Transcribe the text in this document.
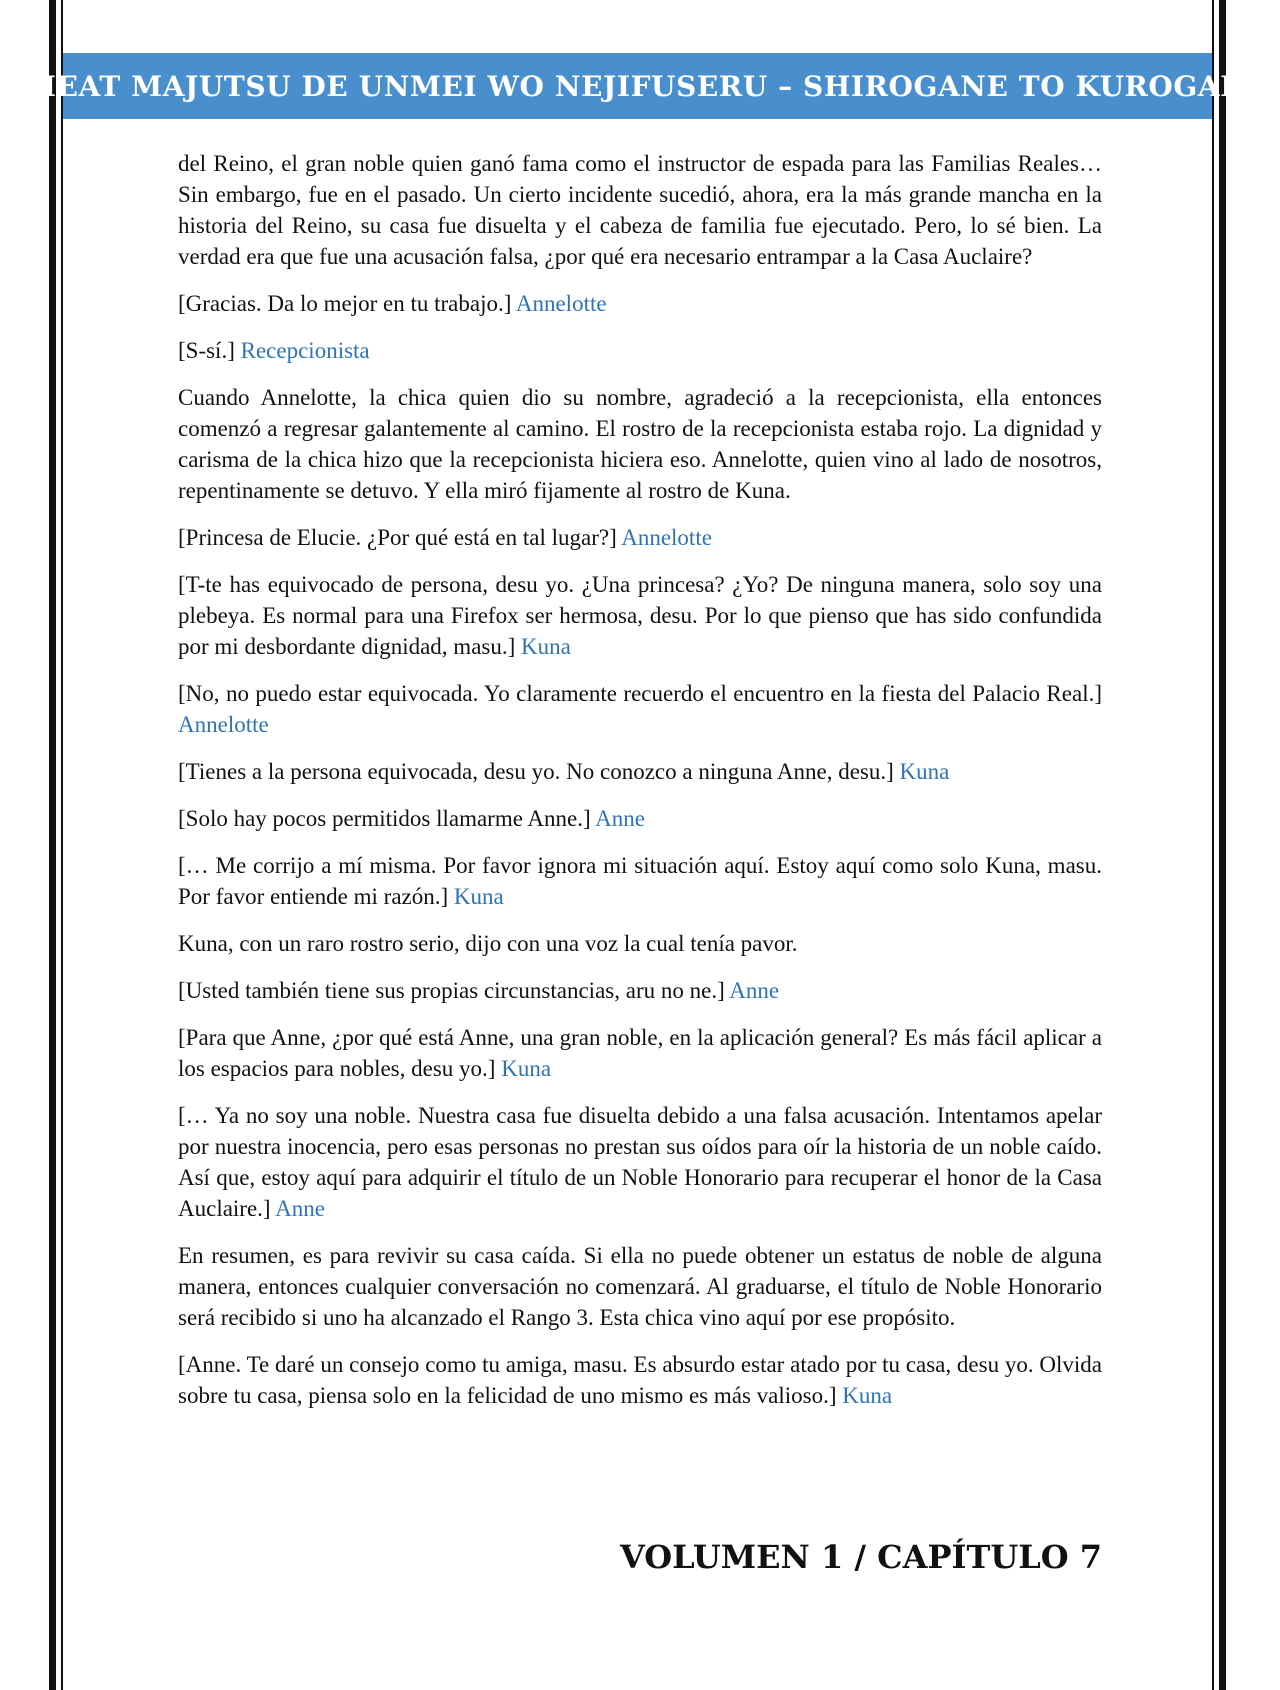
CHEAT MAJUTSU DE UNMEI WO NEJIFUSERU – SHIROGANE TO KUROGANE

del Reino, el gran noble quien ganó fama como el instructor de espada para las Familias Reales… Sin embargo, fue en el pasado. Un cierto incidente sucedió, ahora, era la más grande mancha en la historia del Reino, su casa fue disuelta y el cabeza de familia fue ejecutado. Pero, lo sé bien. La verdad era que fue una acusación falsa, ¿por qué era necesario entrampar a la Casa Auclaire?

[Gracias. Da lo mejor en tu trabajo.] Annelotte

[S-sí.] Recepcionista

Cuando Annelotte, la chica quien dio su nombre, agradeció a la recepcionista, ella entonces comenzó a regresar galantemente al camino. El rostro de la recepcionista estaba rojo. La dignidad y carisma de la chica hizo que la recepcionista hiciera eso. Annelotte, quien vino al lado de nosotros, repentinamente se detuvo. Y ella miró fijamente al rostro de Kuna.

[Princesa de Elucie. ¿Por qué está en tal lugar?] Annelotte

[T-te has equivocado de persona, desu yo. ¿Una princesa? ¿Yo? De ninguna manera, solo soy una plebeya. Es normal para una Firefox ser hermosa, desu. Por lo que pienso que has sido confundida por mi desbordante dignidad, masu.] Kuna

[No, no puedo estar equivocada. Yo claramente recuerdo el encuentro en la fiesta del Palacio Real.] Annelotte

[Tienes a la persona equivocada, desu yo. No conozco a ninguna Anne, desu.] Kuna

[Solo hay pocos permitidos llamarme Anne.] Anne

[… Me corrijo a mí misma. Por favor ignora mi situación aquí. Estoy aquí como solo Kuna, masu. Por favor entiende mi razón.] Kuna

Kuna, con un raro rostro serio, dijo con una voz la cual tenía pavor.

[Usted también tiene sus propias circunstancias, aru no ne.] Anne

[Para que Anne, ¿por qué está Anne, una gran noble, en la aplicación general? Es más fácil aplicar a los espacios para nobles, desu yo.] Kuna

[… Ya no soy una noble. Nuestra casa fue disuelta debido a una falsa acusación. Intentamos apelar por nuestra inocencia, pero esas personas no prestan sus oídos para oír la historia de un noble caído. Así que, estoy aquí para adquirir el título de un Noble Honorario para recuperar el honor de la Casa Auclaire.] Anne

En resumen, es para revivir su casa caída. Si ella no puede obtener un estatus de noble de alguna manera, entonces cualquier conversación no comenzará. Al graduarse, el título de Noble Honorario será recibido si uno ha alcanzado el Rango 3. Esta chica vino aquí por ese propósito.

[Anne. Te daré un consejo como tu amiga, masu. Es absurdo estar atado por tu casa, desu yo. Olvida sobre tu casa, piensa solo en la felicidad de uno mismo es más valioso.] Kuna

VOLUMEN 1 / CAPÍTULO 7
